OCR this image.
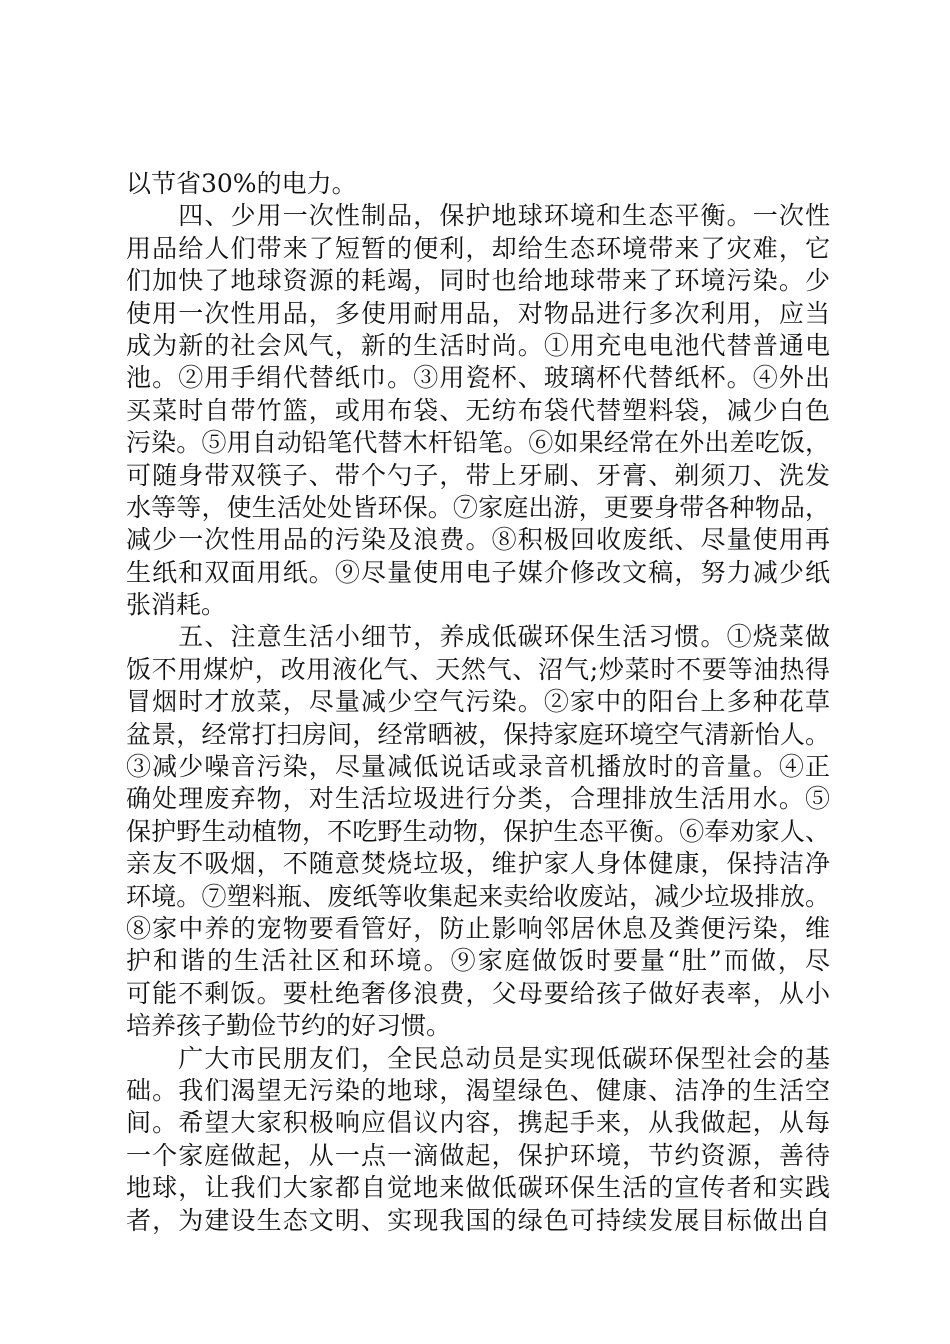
以节省30%的电力。
　　四、少用一次性制品，保护地球环境和生态平衡。一次性
用品给人们带来了短暂的便利，却给生态环境带来了灾难，它
们加快了地球资源的耗竭，同时也给地球带来了环境污染。少
使用一次性用品，多使用耐用品，对物品进行多次利用，应当
成为新的社会风气，新的生活时尚。①用充电电池代替普通电
池。②用手绢代替纸巾。③用瓷杯、玻璃杯代替纸杯。④外出
买菜时自带竹篮，或用布袋、无纺布袋代替塑料袋，减少白色
污染。⑤用自动铅笔代替木杆铅笔。⑥如果经常在外出差吃饭，
可随身带双筷子、带个勺子，带上牙刷、牙膏、剃须刀、洗发
水等等，使生活处处皆环保。⑦家庭出游，更要身带各种物品，
减少一次性用品的污染及浪费。⑧积极回收废纸、尽量使用再
生纸和双面用纸。⑨尽量使用电子媒介修改文稿，努力减少纸
张消耗。
　　五、注意生活小细节，养成低碳环保生活习惯。①烧菜做
饭不用煤炉，改用液化气、天然气、沼气;炒菜时不要等油热得
冒烟时才放菜，尽量减少空气污染。②家中的阳台上多种花草
盆景，经常打扫房间，经常晒被，保持家庭环境空气清新怡人。
③减少噪音污染，尽量减低说话或录音机播放时的音量。④正
确处理废弃物，对生活垃圾进行分类，合理排放生活用水。⑤
保护野生动植物，不吃野生动物，保护生态平衡。⑥奉劝家人、
亲友不吸烟，不随意焚烧垃圾，维护家人身体健康，保持洁净
环境。⑦塑料瓶、废纸等收集起来卖给收废站，减少垃圾排放。
⑧家中养的宠物要看管好，防止影响邻居休息及粪便污染，维
护和谐的生活社区和环境。⑨家庭做饭时要量“肚”而做，尽
可能不剩饭。要杜绝奢侈浪费，父母要给孩子做好表率，从小
培养孩子勤俭节约的好习惯。
　　广大市民朋友们，全民总动员是实现低碳环保型社会的基
础。我们渴望无污染的地球，渴望绿色、健康、洁净的生活空
间。希望大家积极响应倡议内容，携起手来，从我做起，从每
一个家庭做起，从一点一滴做起，保护环境，节约资源，善待
地球，让我们大家都自觉地来做低碳环保生活的宣传者和实践
者，为建设生态文明、实现我国的绿色可持续发展目标做出自
